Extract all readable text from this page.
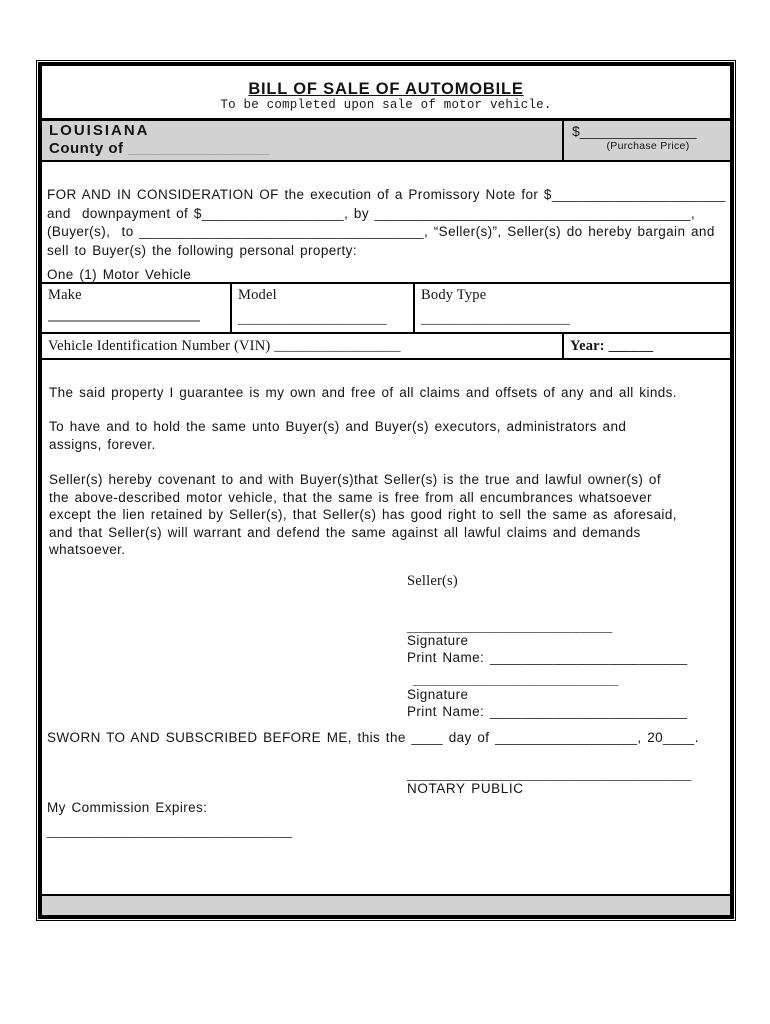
BILL OF SALE OF AUTOMOBILE
To be completed upon sale of motor vehicle.
LOUISIANA
County of ________________
$_______________
(Purchase Price)
FOR AND IN CONSIDERATION OF the execution of a Promissory Note for $______________________
and  downpayment of $__________________, by ________________________________________,
(Buyer(s),  to ____________________________________, “Seller(s)”, Seller(s) do hereby bargain and
sell to Buyer(s) the following personal property:
One (1) Motor Vehicle
Make	Model
____________________
Body Type
____________________
Vehicle Identification Number (VIN) _________________	Year: ______
The said property I guarantee is my own and free of all claims and offsets of any and all kinds.
To have and to hold the same unto Buyer(s) and Buyer(s) executors, administrators and
assigns, forever.
Seller(s) hereby covenant to and with Buyer(s)that Seller(s) is the true and lawful owner(s) of
the above-described motor vehicle, that the same is free from all encumbrances whatsoever
except the lien retained by Seller(s), that Seller(s) has good right to sell the same as aforesaid,
and that Seller(s) will warrant and defend the same against all lawful claims and demands
whatsoever.
Seller(s)
__________________________
Signature
Print Name: _________________________
__________________________
Signature
Print Name: _________________________
SWORN TO AND SUBSCRIBED BEFORE ME, this the ____ day of __________________, 20____.
____________________________________
NOTARY PUBLIC
My Commission Expires:
_______________________________
